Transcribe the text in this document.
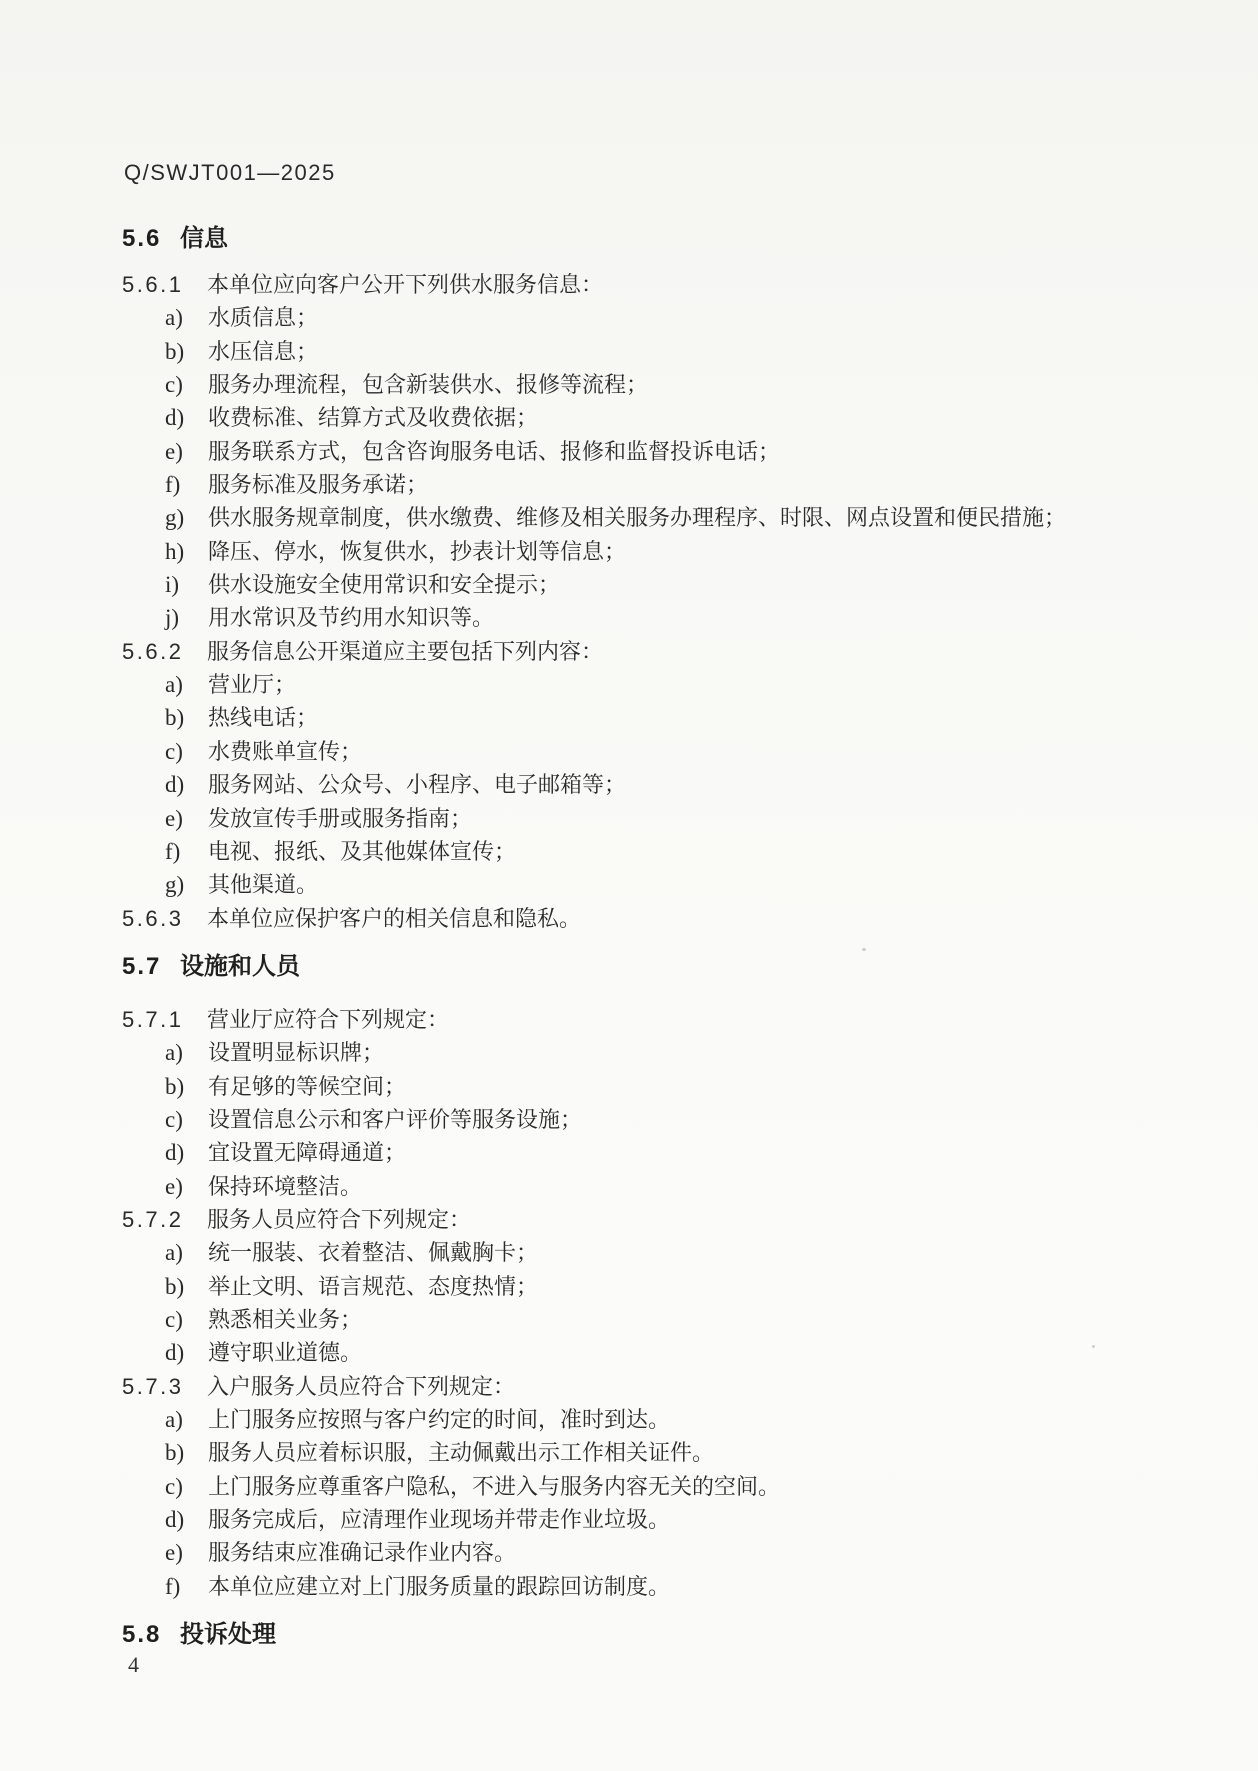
Q/SWJT001—2025
5.6 信息
5.6.1 本单位应向客户公开下列供水服务信息：
a) 水质信息；
b) 水压信息；
c) 服务办理流程，包含新装供水、报修等流程；
d) 收费标准、结算方式及收费依据；
e) 服务联系方式，包含咨询服务电话、报修和监督投诉电话；
f) 服务标准及服务承诺；
g) 供水服务规章制度，供水缴费、维修及相关服务办理程序、时限、网点设置和便民措施；
h) 降压、停水，恢复供水，抄表计划等信息；
i) 供水设施安全使用常识和安全提示；
j) 用水常识及节约用水知识等。
5.6.2 服务信息公开渠道应主要包括下列内容：
a) 营业厅；
b) 热线电话；
c) 水费账单宣传；
d) 服务网站、公众号、小程序、电子邮箱等；
e) 发放宣传手册或服务指南；
f) 电视、报纸、及其他媒体宣传；
g) 其他渠道。
5.6.3 本单位应保护客户的相关信息和隐私。
5.7 设施和人员
5.7.1 营业厅应符合下列规定：
a) 设置明显标识牌；
b) 有足够的等候空间；
c) 设置信息公示和客户评价等服务设施；
d) 宜设置无障碍通道；
e) 保持环境整洁。
5.7.2 服务人员应符合下列规定：
a) 统一服装、衣着整洁、佩戴胸卡；
b) 举止文明、语言规范、态度热情；
c) 熟悉相关业务；
d) 遵守职业道德。
5.7.3 入户服务人员应符合下列规定：
a) 上门服务应按照与客户约定的时间，准时到达。
b) 服务人员应着标识服，主动佩戴出示工作相关证件。
c) 上门服务应尊重客户隐私，不进入与服务内容无关的空间。
d) 服务完成后，应清理作业现场并带走作业垃圾。
e) 服务结束应准确记录作业内容。
f) 本单位应建立对上门服务质量的跟踪回访制度。
5.8 投诉处理
4
